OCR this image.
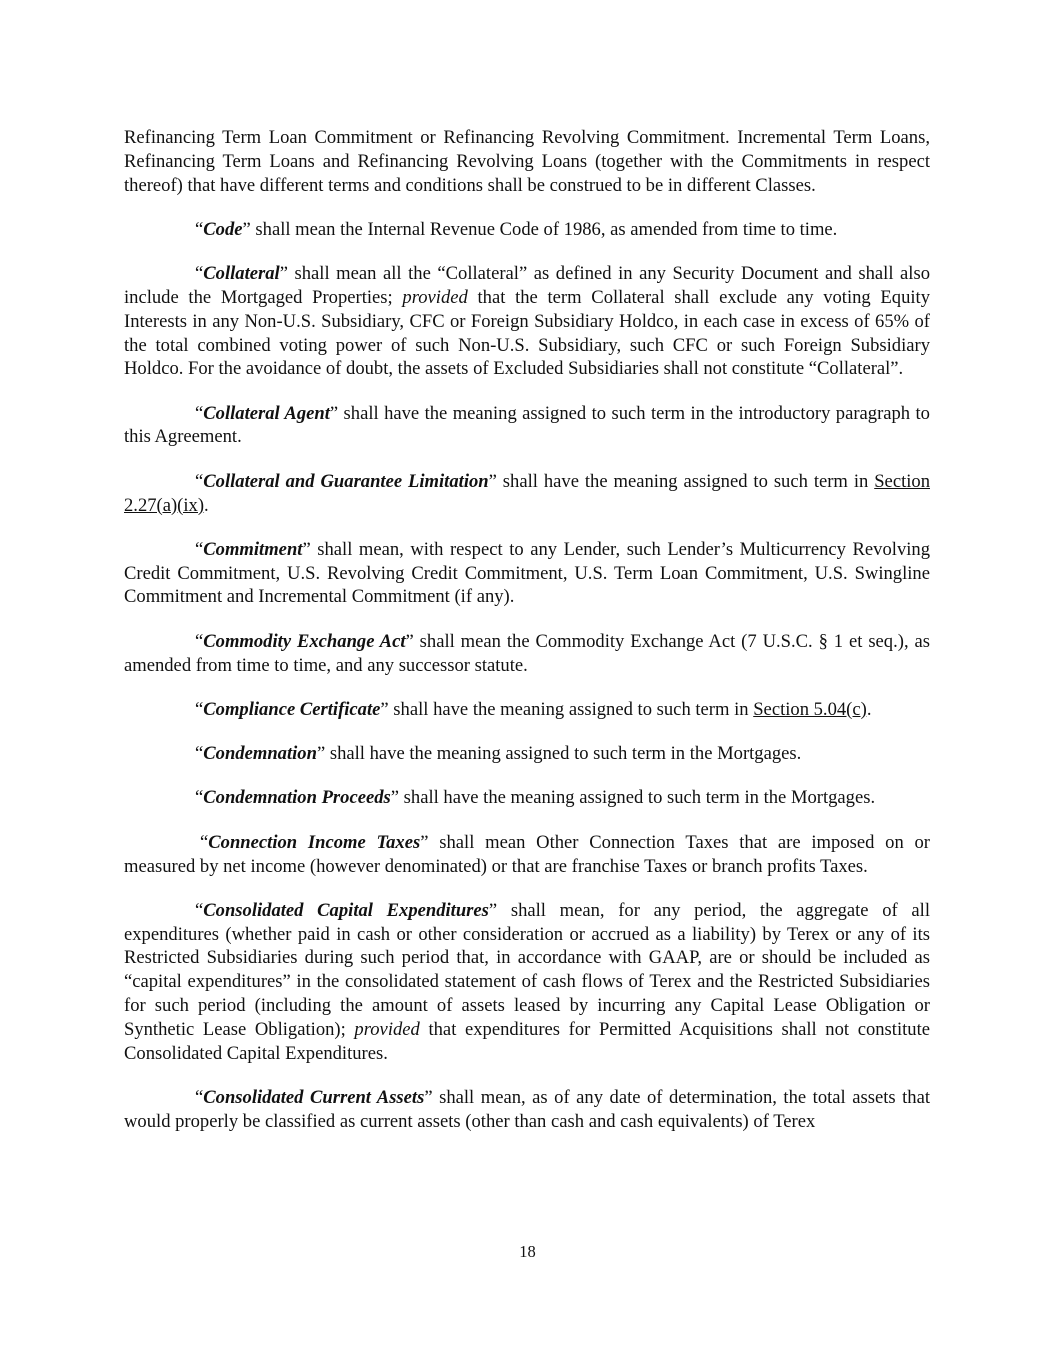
Refinancing Term Loan Commitment or Refinancing Revolving Commitment. Incremental Term Loans, Refinancing Term Loans and Refinancing Revolving Loans (together with the Commitments in respect thereof) that have different terms and conditions shall be construed to be in different Classes.

“Code” shall mean the Internal Revenue Code of 1986, as amended from time to time.

“Collateral” shall mean all the “Collateral” as defined in any Security Document and shall also include the Mortgaged Properties; provided that the term Collateral shall exclude any voting Equity Interests in any Non-U.S. Subsidiary, CFC or Foreign Subsidiary Holdco, in each case in excess of 65% of the total combined voting power of such Non-U.S. Subsidiary, such CFC or such Foreign Subsidiary Holdco. For the avoidance of doubt, the assets of Excluded Subsidiaries shall not constitute “Collateral”.

“Collateral Agent” shall have the meaning assigned to such term in the introductory paragraph to this Agreement.

“Collateral and Guarantee Limitation” shall have the meaning assigned to such term in Section 2.27(a)(ix).

“Commitment” shall mean, with respect to any Lender, such Lender’s Multicurrency Revolving Credit Commitment, U.S. Revolving Credit Commitment, U.S. Term Loan Commitment, U.S. Swingline Commitment and Incremental Commitment (if any).

“Commodity Exchange Act” shall mean the Commodity Exchange Act (7 U.S.C. § 1 et seq.), as amended from time to time, and any successor statute.

“Compliance Certificate” shall have the meaning assigned to such term in Section 5.04(c).

“Condemnation” shall have the meaning assigned to such term in the Mortgages.

“Condemnation Proceeds” shall have the meaning assigned to such term in the Mortgages.

“Connection Income Taxes” shall mean Other Connection Taxes that are imposed on or measured by net income (however denominated) or that are franchise Taxes or branch profits Taxes.

“Consolidated Capital Expenditures” shall mean, for any period, the aggregate of all expenditures (whether paid in cash or other consideration or accrued as a liability) by Terex or any of its Restricted Subsidiaries during such period that, in accordance with GAAP, are or should be included as “capital expenditures” in the consolidated statement of cash flows of Terex and the Restricted Subsidiaries for such period (including the amount of assets leased by incurring any Capital Lease Obligation or Synthetic Lease Obligation); provided that expenditures for Permitted Acquisitions shall not constitute Consolidated Capital Expenditures.

“Consolidated Current Assets” shall mean, as of any date of determination, the total assets that would properly be classified as current assets (other than cash and cash equivalents) of Terex

18
